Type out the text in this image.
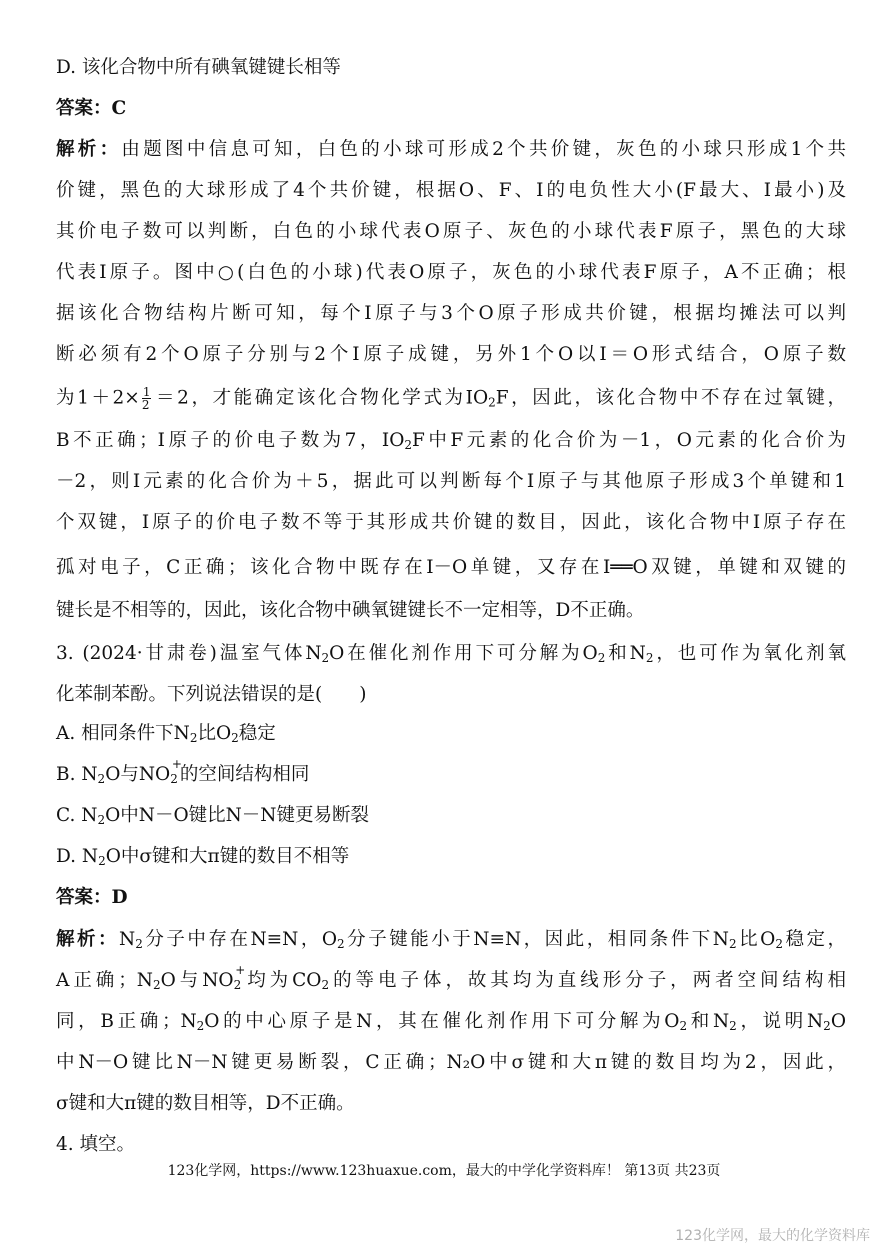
D. 该化合物中所有碘氧键键长相等
答案：C
解析：由题图中信息可知，白色的小球可形成2个共价键，灰色的小球只形成1个共
价键，黑色的大球形成了4个共价键，根据O、F、I的电负性大小(F最大、I最小)及
其价电子数可以判断，白色的小球代表O原子、灰色的小球代表F原子，黑色的大球
代表I原子。图中○(白色的小球)代表O原子，灰色的小球代表F原子，A不正确；根
据该化合物结构片断可知，每个I原子与3个O原子形成共价键，根据均摊法可以判
断必须有2个O原子分别与2个I原子成键，另外1个O以I＝O形式结合，O原子数
为$1+2\times \frac{1}{2} =2$，才能确定该化合物化学式为$IO_2F$，因此，该化合物中不存在过氧键，
B不正确；I原子的价电子数为7，$IO_2F$中F元素的化合价为－1，O元素的化合价为
－2，则I元素的化合价为＋5，据此可以判断每个I原子与其他原子形成3个单键和1
个双键，I原子的价电子数不等于其形成共价键的数目，因此，该化合物中I原子存在
孤对电子，C正确；该化合物中既存在I－O单键，又存在I══O双键，单键和双键的
键长是不相等的，因此，该化合物中碘氧键键长不一定相等，D不正确。
3. (2024·甘肃卷)温室气体$N_2O$在催化剂作用下可分解为$O_2$和$N_2$，也可作为氧化剂氧
化苯制苯酚。下列说法错误的是(　　)
A. 相同条件下$N_2$比$O_2$稳定
B. $N_2O$与$NO_2$
+
的空间结构相同
C. $N_2O$中N－O键比N－N键更易断裂
D. $N_2O$中σ键和大π键的数目不相等
答案：D
解析：$N_2$分子中存在N≡N，$O_2$分子键能小于N≡N，因此，相同条件下$N_2$比$O_2$稳定，
A正确；$N_2O$与$NO_2$
+
均为$CO_2$的等电子体，故其均为直线形分子，两者空间结构相
同，B正确；$N_2O$的中心原子是N，其在催化剂作用下可分解为$O_2$和$N_2$，说明$N_2O$
中N－O键比N－N键更易断裂，C正确；N₂O中σ键和大π键的数目均为2，因此，
σ键和大π键的数目相等，D不正确。
4. 填空。
123化学网，https://www.123huaxue.com，最大的中学化学资料库！ 第13页 共23页
123化学网，最大的化学资料库
